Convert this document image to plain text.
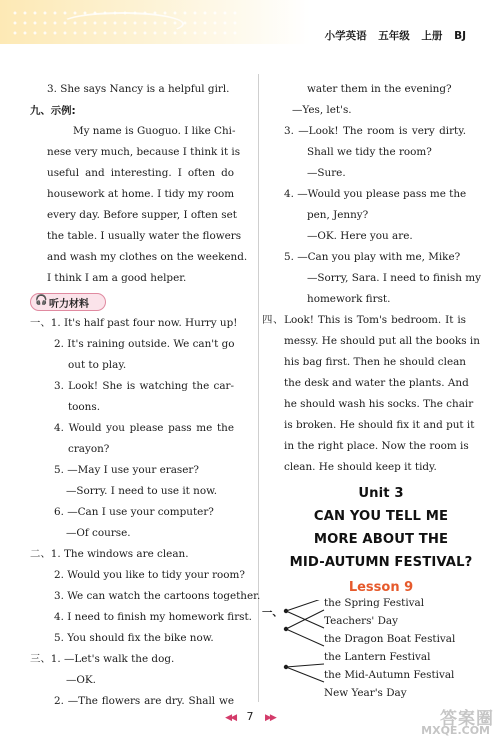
小学英语 五年级 上册 BJ
3. She says Nancy is a helpful girl.
九、示例:
My name is Guoguo. I like Chi-
nese very much, because I think it is
useful and interesting. I often do
housework at home. I tidy my room
every day. Before supper, I often set
the table. I usually water the flowers
and wash my clothes on the weekend.
I think I am a good helper.
🎧 听力材料
一、1. It's half past four now. Hurry up!
2. It's raining outside. We can't go
out to play.
3. Look! She is watching the car-
toons.
4. Would you please pass me the
crayon?
5. —May I use your eraser?
—Sorry. I need to use it now.
6. —Can I use your computer?
—Of course.
二、1. The windows are clean.
2. Would you like to tidy your room?
3. We can watch the cartoons together.
4. I need to finish my homework first.
5. You should fix the bike now.
三、1. —Let's walk the dog.
—OK.
2. —The flowers are dry. Shall we
water them in the evening?
—Yes, let's.
3. —Look! The room is very dirty.
Shall we tidy the room?
—Sure.
4. —Would you please pass me the
pen, Jenny?
—OK. Here you are.
5. —Can you play with me, Mike?
—Sorry, Sara. I need to finish my
homework first.
四、Look! This is Tom's bedroom. It is
messy. He should put all the books in
his bag first. Then he should clean
the desk and water the plants. And
he should wash his socks. The chair
is broken. He should fix it and put it
in the right place. Now the room is
clean. He should keep it tidy.
Unit 3
CAN YOU TELL ME
MORE ABOUT THE
MID-AUTUMN FESTIVAL?
Lesson 9
一、
the Spring Festival
Teachers' Day
the Dragon Boat Festival
the Lantern Festival
the Mid-Autumn Festival
New Year's Day
◀◀ 7 ▶▶	答案圈
MXQE.COM
